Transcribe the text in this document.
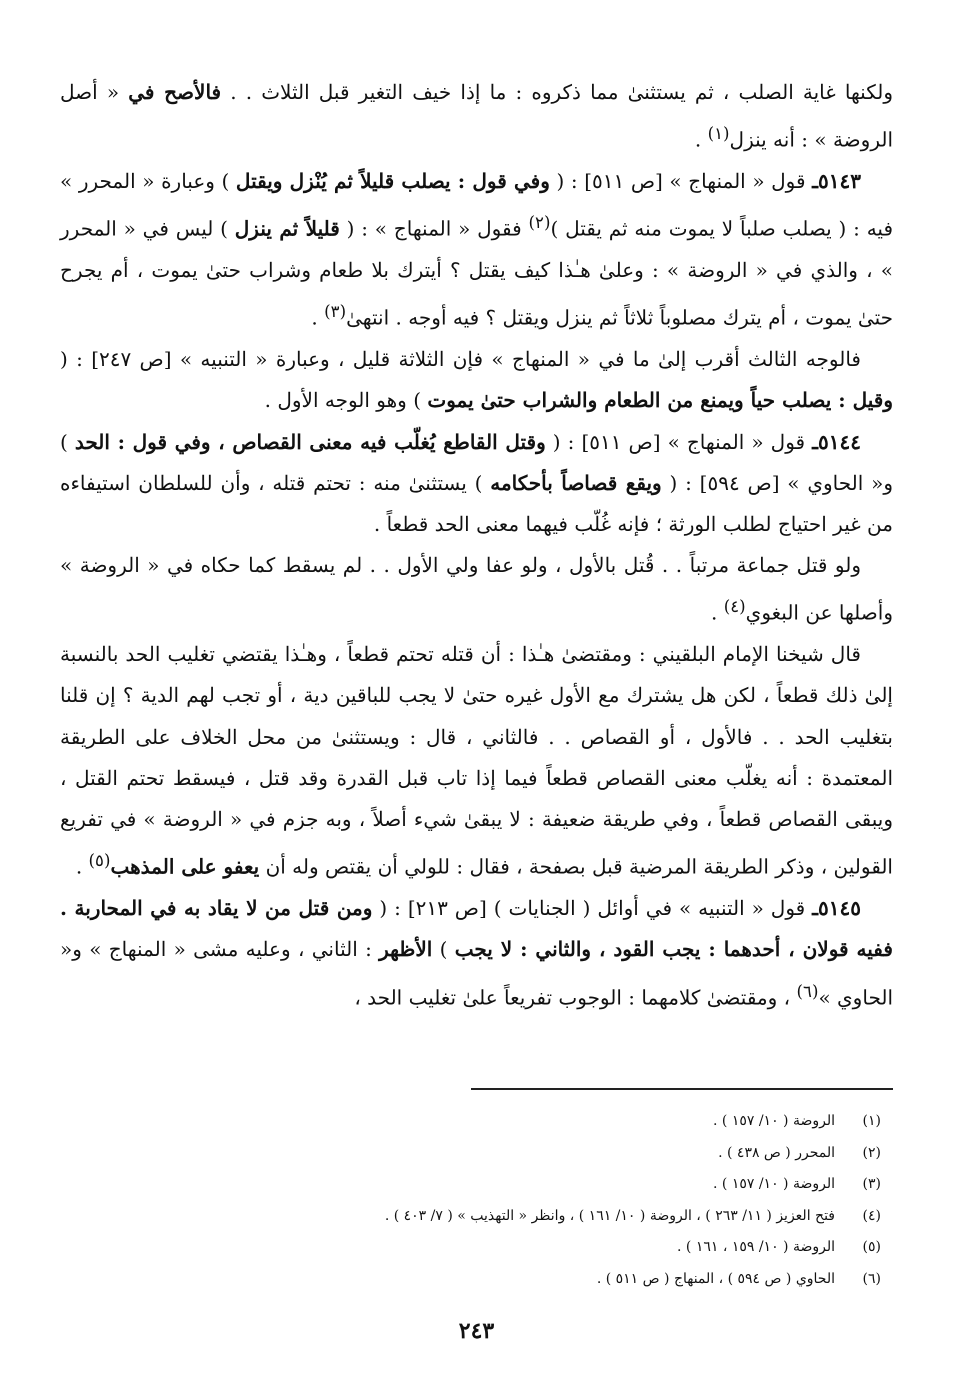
ولكنها غاية الصلب ، ثم يستثنىٰ مما ذكروه : ما إذا خيف التغير قبل الثلاث . . فالأصح في « أصل الروضة » : أنه ينزل$^{(١)}$ .

٥١٤٣ـ قول « المنهاج » [ص ٥١١] : ( وفي قول : يصلب قليلاً ثم يُنْزل ويقتل ) وعبارة « المحرر » فيه : ( يصلب صلباً لا يموت منه ثم يقتل )$^{(٢)}$ فقول « المنهاج » : ( قليلاً ثم ينزل ) ليس في « المحرر » ، والذي في « الروضة » : وعلىٰ هـٰذا كيف يقتل ؟ أيترك بلا طعام وشراب حتىٰ يموت ، أم يجرح حتىٰ يموت ، أم يترك مصلوباً ثلاثاً ثم ينزل ويقتل ؟ فيه أوجه . انتهىٰ$^{(٣)}$ .

فالوجه الثالث أقرب إلىٰ ما في « المنهاج » فإن الثلاثة قليل ، وعبارة « التنبيه » [ص ٢٤٧] : ( وقيل : يصلب حياً ويمنع من الطعام والشراب حتىٰ يموت ) وهو الوجه الأول .

٥١٤٤ـ قول « المنهاج » [ص ٥١١] : ( وقتل القاطع يُغلّب فيه معنى القصاص ، وفي قول : الحد ) و« الحاوي » [ص ٥٩٤] : ( ويقع قصاصاً بأحكامه ) يستثنىٰ منه : تحتم قتله ، وأن للسلطان استيفاءه من غير احتياج لطلب الورثة ؛ فإنه غُلّب فيهما معنى الحد قطعاً .

ولو قتل جماعة مرتباً . . قُتل بالأول ، ولو عفا ولي الأول . . لم يسقط كما حكاه في « الروضة » وأصلها عن البغوي$^{(٤)}$ .

قال شيخنا الإمام البلقيني : ومقتضىٰ هـٰذا : أن قتله تحتم قطعاً ، وهـٰذا يقتضي تغليب الحد بالنسبة إلىٰ ذلك قطعاً ، لكن هل يشترك مع الأول غيره حتىٰ لا يجب للباقين دية ، أو تجب لهم الدية ؟ إن قلنا بتغليب الحد . . فالأول ، أو القصاص . . فالثاني ، قال : ويستثنىٰ من محل الخلاف على الطريقة المعتمدة : أنه يغلّب معنى القصاص قطعاً فيما إذا تاب قبل القدرة وقد قتل ، فيسقط تحتم القتل ، ويبقى القصاص قطعاً ، وفي طريقة ضعيفة : لا يبقىٰ شيء أصلاً ، وبه جزم في « الروضة » في تفريع القولين ، وذكر الطريقة المرضية قبل بصفحة ، فقال : للولي أن يقتص وله أن يعفو على المذهب$^{(٥)}$ .

٥١٤٥ـ قول « التنبيه » في أوائل ( الجنايات ) [ص ٢١٣] : ( ومن قتل من لا يقاد به في المحاربة . ففيه قولان ، أحدهما : يجب القود ، والثاني : لا يجب ) الأظهر : الثاني ، وعليه مشى « المنهاج » و« الحاوي »$^{(٦)}$ ، ومقتضىٰ كلامهما : الوجوب تفريعاً علىٰ تغليب الحد ،

(١)
الروضة ( ١٠/ ١٥٧ ) .
(٢)
المحرر ( ص ٤٣٨ ) .
(٣)
الروضة ( ١٠/ ١٥٧ ) .
(٤)
فتح العزيز ( ١١/ ٢٦٣ ) ، الروضة ( ١٠/ ١٦١ ) ، وانظر « التهذيب » ( ٧/ ٤٠٣ ) .
(٥)
الروضة ( ١٠/ ١٥٩ ، ١٦١ ) .
(٦)
الحاوي ( ص ٥٩٤ ) ، المنهاج ( ص ٥١١ ) .
٢٤٣
